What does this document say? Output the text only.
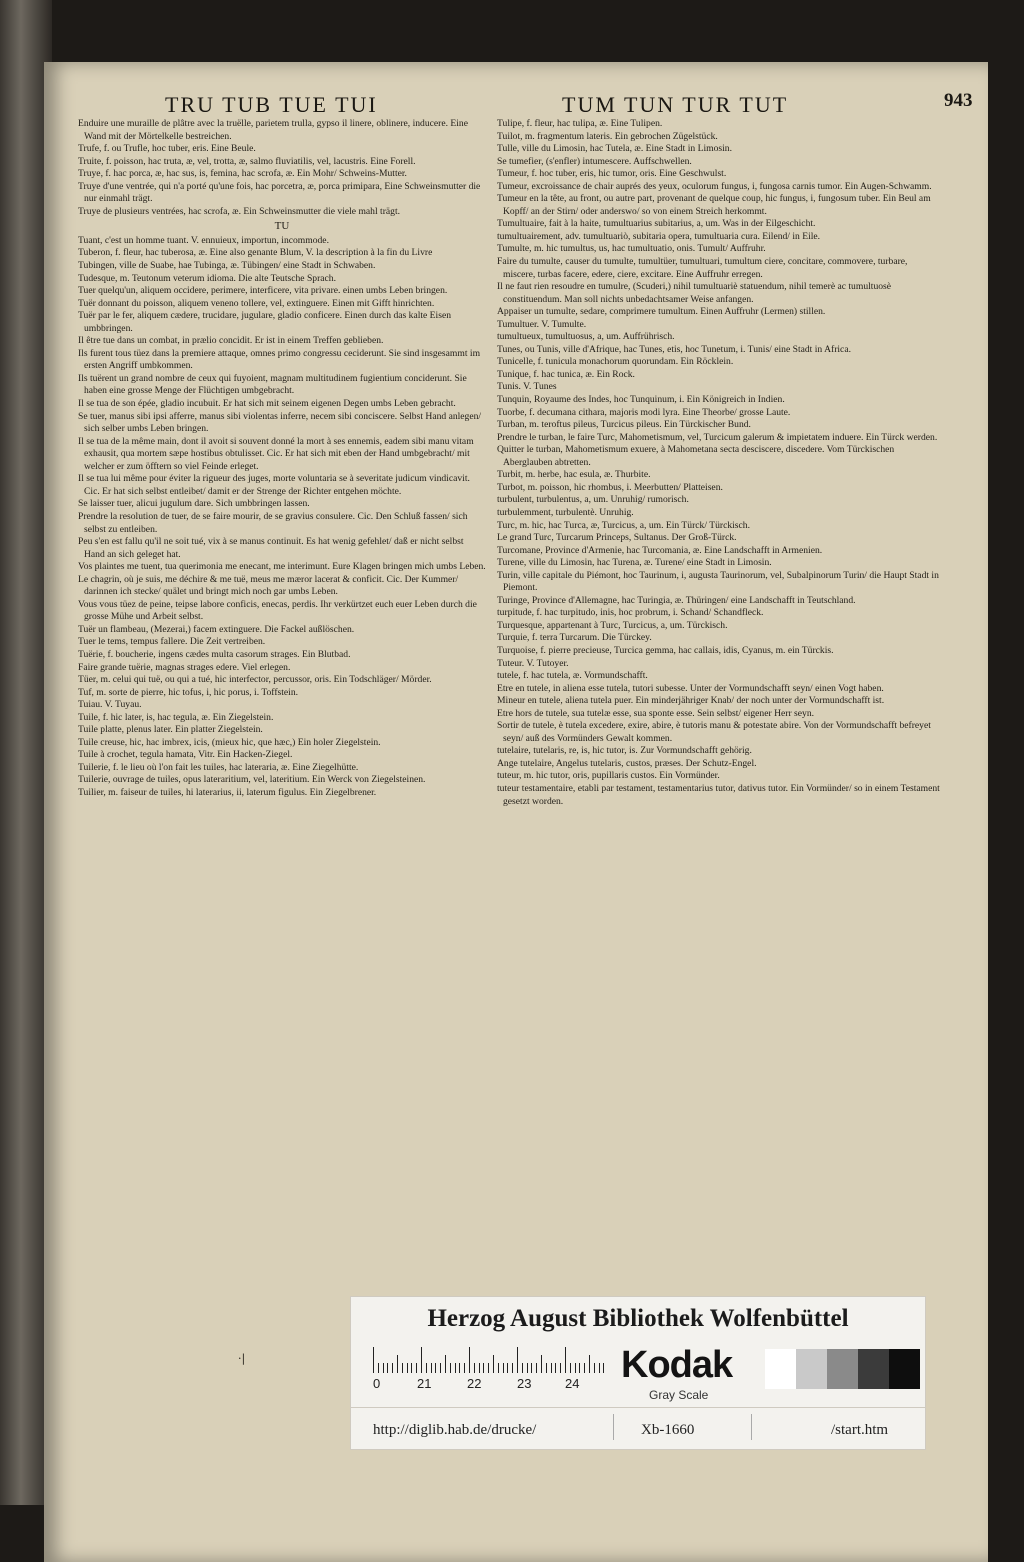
TRU TUB TUE TUI	TUM TUN TUR TUT	943

Enduire une muraille de plâtre avec la truëlle, parietem trulla, gypso il linere, oblinere, inducere. Eine Wand mit der Mörtelkelle bestreichen.

Trufe, f. ou Trufle, hoc tuber, eris. Eine Beule.

Truite, f. poisson, hac truta, æ, vel, trotta, æ, salmo fluviatilis, vel, lacustris. Eine Forell.

Truye, f. hac porca, æ, hac sus, is, femina, hac scrofa, æ. Ein Mohr/ Schweins-Mutter.

Truye d'une ventrée, qui n'a porté qu'une fois, hac porcetra, æ, porca primipara, Eine Schweinsmutter die nur einmahl trägt.

Truye de plusieurs ventrées, hac scrofa, æ. Ein Schweinsmutter die viele mahl trägt.

TU

Tuant, c'est un homme tuant. V. ennuieux, importun, incommode.

Tuberon, f. fleur, hac tuberosa, æ. Eine also genante Blum, V. la description à la fin du Livre

Tubingen, ville de Suabe, hae Tubinga, æ. Tübingen/ eine Stadt in Schwaben.

Tudesque, m. Teutonum veterum idioma. Die alte Teutsche Sprach.

Tuer quelqu'un, aliquem occidere, perimere, interficere, vita privare. einen umbs Leben bringen.

Tuër donnant du poisson, aliquem veneno tollere, vel, extinguere. Einen mit Gifft hinrichten.

Tuër par le fer, aliquem cædere, trucidare, jugulare, gladio conficere. Einen durch das kalte Eisen umbbringen.

Il être tue dans un combat, in prælio concidit. Er ist in einem Treffen geblieben.

Ils furent tous tüez dans la premiere attaque, omnes primo congressu ceciderunt. Sie sind insgesammt im ersten Angriff umbkommen.

Ils tuërent un grand nombre de ceux qui fuyoient, magnam multitudinem fugientium conciderunt. Sie haben eine grosse Menge der Flüchtigen umbgebracht.

Il se tua de son épée, gladio incubuit. Er hat sich mit seinem eigenen Degen umbs Leben gebracht.

Se tuer, manus sibi ipsi afferre, manus sibi violentas inferre, necem sibi conciscere. Selbst Hand anlegen/ sich selber umbs Leben bringen.

Il se tua de la même main, dont il avoit si souvent donné la mort à ses ennemis, eadem sibi manu vitam exhausit, qua mortem sæpe hostibus obtulisset. Cic. Er hat sich mit eben der Hand umbgebracht/ mit welcher er zum öfftern so viel Feinde erleget.

Il se tua lui même pour éviter la rigueur des juges, morte voluntaria se à severitate judicum vindicavit. Cic. Er hat sich selbst entleibet/ damit er der Strenge der Richter entgehen möchte.

Se laisser tuer, alicui jugulum dare. Sich umbbringen lassen.

Prendre la resolution de tuer, de se faire mourir, de se gravius consulere. Cic. Den Schluß fassen/ sich selbst zu entleiben.

Peu s'en est fallu qu'il ne soit tué, vix à se manus continuit. Es hat wenig gefehlet/ daß er nicht selbst Hand an sich geleget hat.

Vos plaintes me tuent, tua querimonia me enecant, me interimunt. Eure Klagen bringen mich umbs Leben.

Le chagrin, où je suis, me déchire & me tuë, meus me mæror lacerat & conficit. Cic. Der Kummer/ darinnen ich stecke/ quälet und bringt mich noch gar umbs Leben.

Vous vous tüez de peine, teipse labore conficis, enecas, perdis. Ihr verkürtzet euch euer Leben durch die grosse Mühe und Arbeit selbst.

Tuër un flambeau, (Mezerai,) facem extinguere. Die Fackel außlöschen.

Tuer le tems, tempus fallere. Die Zeit vertreiben.

Tuërie, f. boucherie, ingens cædes multa casorum strages. Ein Blutbad.

Faire grande tuërie, magnas strages edere. Viel erlegen.

Tüer, m. celui qui tuë, ou qui a tué, hic interfector, percussor, oris. Ein Todschläger/ Mörder.

Tuf, m. sorte de pierre, hic tofus, i, hic porus, i. Toffstein.

Tuiau. V. Tuyau.

Tuile, f. hic later, is, hac tegula, æ. Ein Ziegelstein.

Tuile platte, plenus later. Ein platter Ziegelstein.

Tuile creuse, hic, hac imbrex, icis, (mieux hic, que hæc,) Ein holer Ziegelstein.

Tuile à crochet, tegula hamata, Vitr. Ein Hacken-Ziegel.

Tuilerie, f. le lieu où l'on fait les tuiles, hac lateraria, æ. Eine Ziegelhütte.

Tuilerie, ouvrage de tuiles, opus lateraritium, vel, lateritium. Ein Werck von Ziegelsteinen.

Tuilier, m. faiseur de tuiles, hi laterarius, ii, laterum figulus. Ein Ziegelbrener.

Tulipe, f. fleur, hac tulipa, æ. Eine Tulipen.

Tuilot, m. fragmentum lateris. Ein gebrochen Zügelstück.

Tulle, ville du Limosin, hac Tutela, æ. Eine Stadt in Limosin.

Se tumefier, (s'enfler) intumescere. Auffschwellen.

Tumeur, f. hoc tuber, eris, hic tumor, oris. Eine Geschwulst.

Tumeur, excroissance de chair auprés des yeux, oculorum fungus, i, fungosa carnis tumor. Ein Augen-Schwamm.

Tumeur en la tête, au front, ou autre part, provenant de quelque coup, hic fungus, i, fungosum tuber. Ein Beul am Kopff/ an der Stirn/ oder anderswo/ so von einem Streich herkommt.

Tumultuaire, fait à la haite, tumultuarius subitarius, a, um. Was in der Eilgeschicht.

tumultuairement, adv. tumultuariò, subitaria opera, tumultuaria cura. Eilend/ in Eile.

Tumulte, m. hic tumultus, us, hac tumultuatio, onis. Tumult/ Auffruhr.

Faire du tumulte, causer du tumulte, tumultüer, tumultuari, tumultum ciere, concitare, commovere, turbare, miscere, turbas facere, edere, ciere, excitare. Eine Auffruhr erregen.

Il ne faut rien resoudre en tumulre, (Scuderi,) nihil tumultuariè statuendum, nihil temerè ac tumultuosè constituendum. Man soll nichts unbedachtsamer Weise anfangen.

Appaiser un tumulte, sedare, comprimere tumultum. Einen Auffruhr (Lermen) stillen.

Tumultuer. V. Tumulte.

tumultueux, tumultuosus, a, um. Auffrührisch.

Tunes, ou Tunis, ville d'Afrique, hac Tunes, etis, hoc Tunetum, i. Tunis/ eine Stadt in Africa.

Tunicelle, f. tunicula monachorum quorundam. Ein Röcklein.

Tunique, f. hac tunica, æ. Ein Rock.

Tunis. V. Tunes

Tunquin, Royaume des Indes, hoc Tunquinum, i. Ein Königreich in Indien.

Tuorbe, f. decumana cithara, majoris modi lyra. Eine Theorbe/ grosse Laute.

Turban, m. teroftus pileus, Turcicus pileus. Ein Türckischer Bund.

Prendre le turban, le faire Turc, Mahometismum, vel, Turcicum galerum & impietatem induere. Ein Türck werden.

Quitter le turban, Mahometismum exuere, à Mahometana secta desciscere, discedere. Vom Türckischen Aberglauben abtretten.

Turbit, m. herbe, hac esula, æ. Thurbite.

Turbot, m. poisson, hic rhombus, i. Meerbutten/ Platteisen.

turbulent, turbulentus, a, um. Unruhig/ rumorisch.

turbulemment, turbulentè. Unruhig.

Turc, m. hic, hac Turca, æ, Turcicus, a, um. Ein Türck/ Türckisch.

Le grand Turc, Turcarum Princeps, Sultanus. Der Groß-Türck.

Turcomane, Province d'Armenie, hac Turcomania, æ. Eine Landschafft in Armenien.

Turene, ville du Limosin, hac Turena, æ. Turene/ eine Stadt in Limosin.

Turin, ville capitale du Piémont, hoc Taurinum, i, augusta Taurinorum, vel, Subalpinorum Turin/ die Haupt Stadt in Piemont.

Turinge, Province d'Allemagne, hac Turingia, æ. Thüringen/ eine Landschafft in Teutschland.

turpitude, f. hac turpitudo, inis, hoc probrum, i. Schand/ Schandfleck.

Turquesque, appartenant à Turc, Turcicus, a, um. Türckisch.

Turquie, f. terra Turcarum. Die Türckey.

Turquoise, f. pierre precieuse, Turcica gemma, hac callais, idis, Cyanus, m. ein Türckis.

Tuteur. V. Tutoyer.

tutele, f. hac tutela, æ. Vormundschafft.

Etre en tutele, in aliena esse tutela, tutori subesse. Unter der Vormundschafft seyn/ einen Vogt haben.

Mineur en tutele, aliena tutela puer. Ein minderjähriger Knab/ der noch unter der Vormundschafft ist.

Etre hors de tutele, sua tutelæ esse, sua sponte esse. Sein selbst/ eigener Herr seyn.

Sortir de tutele, è tutela excedere, exire, abire, è tutoris manu & potestate abire. Von der Vormundschafft befreyet seyn/ auß des Vormünders Gewalt kommen.

tutelaire, tutelaris, re, is, hic tutor, is. Zur Vormundschafft gehörig.

Ange tutelaire, Angelus tutelaris, custos, præses. Der Schutz-Engel.

tuteur, m. hic tutor, oris, pupillaris custos. Ein Vormünder.

tuteur testamentaire, etabli par testament, testamentarius tutor, dativus tutor. Ein Vormünder/ so in einem Testament gesetzt worden.

·|
Herzog August Bibliothek Wolfenbüttel
0	21	22	23	24 Kodak
Gray Scale
http://diglib.hab.de/drucke/	Xb-1660	/start.htm
